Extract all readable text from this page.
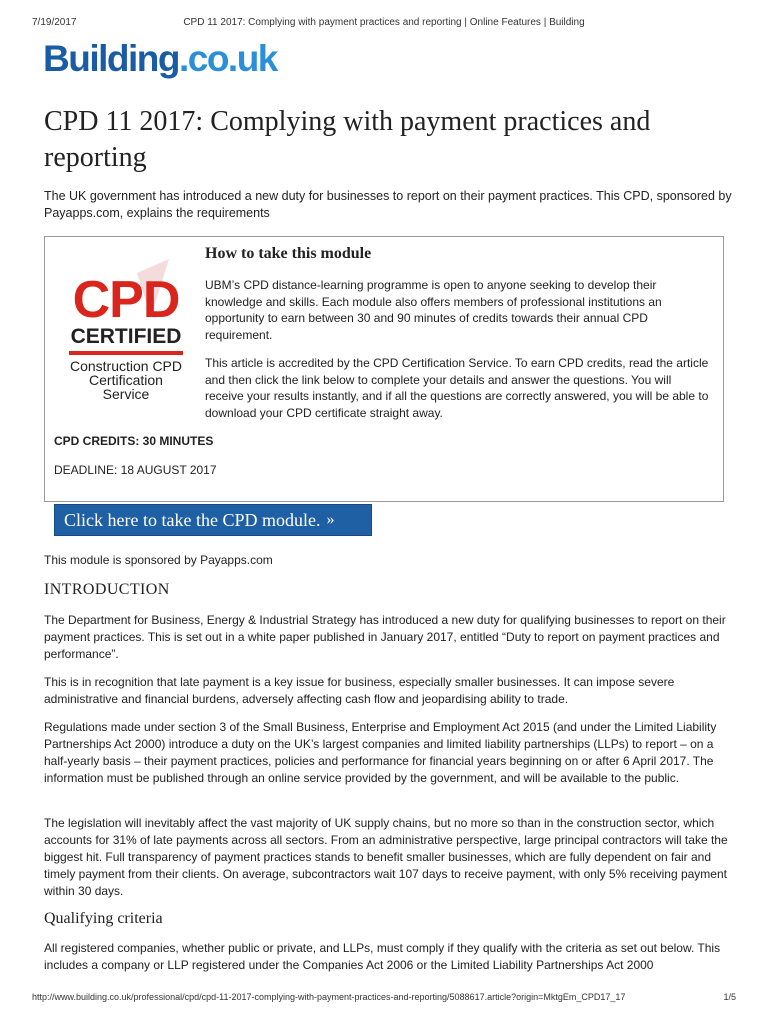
7/19/2017	CPD 11 2017: Complying with payment practices and reporting | Online Features | Building
Building.co.uk
CPD 11 2017: Complying with payment practices and reporting

The UK government has introduced a new duty for businesses to report on their payment practices. This CPD, sponsored by Payapps.com, explains the requirements

CPD
CERTIFIED
Construction CPD
Certification
Service
How to take this module

UBM’s CPD distance-learning programme is open to anyone seeking to develop their knowledge and skills. Each module also offers members of professional institutions an opportunity to earn between 30 and 90 minutes of credits towards their annual CPD requirement.

This article is accredited by the CPD Certification Service. To earn CPD credits, read the article and then click the link below to complete your details and answer the questions. You will receive your results instantly, and if all the questions are correctly answered, you will be able to download your CPD certificate straight away.

CPD CREDITS: 30 MINUTES

DEADLINE: 18 AUGUST 2017

Click here to take the CPD module. »

This module is sponsored by Payapps.com

INTRODUCTION

The Department for Business, Energy & Industrial Strategy has introduced a new duty for qualifying businesses to report on their payment practices. This is set out in a white paper published in January 2017, entitled “Duty to report on payment practices and performance”.

This is in recognition that late payment is a key issue for business, especially smaller businesses. It can impose severe administrative and financial burdens, adversely affecting cash flow and jeopardising ability to trade.

Regulations made under section 3 of the Small Business, Enterprise and Employment Act 2015 (and under the Limited Liability Partnerships Act 2000) introduce a duty on the UK’s largest companies and limited liability partnerships (LLPs) to report – on a half-yearly basis – their payment practices, policies and performance for financial years beginning on or after 6 April 2017. The information must be published through an online service provided by the government, and will be available to the public.

The legislation will inevitably affect the vast majority of UK supply chains, but no more so than in the construction sector, which accounts for 31% of late payments across all sectors. From an administrative perspective, large principal contractors will take the biggest hit. Full transparency of payment practices stands to benefit smaller businesses, which are fully dependent on fair and timely payment from their clients. On average, subcontractors wait 107 days to receive payment, with only 5% receiving payment within 30 days.

Qualifying criteria

All registered companies, whether public or private, and LLPs, must comply if they qualify with the criteria as set out below. This includes a company or LLP registered under the Companies Act 2006 or the Limited Liability Partnerships Act 2000

http://www.building.co.uk/professional/cpd/cpd-11-2017-complying-with-payment-practices-and-reporting/5088617.article?origin=MktgEm_CPD17_17	1/5
